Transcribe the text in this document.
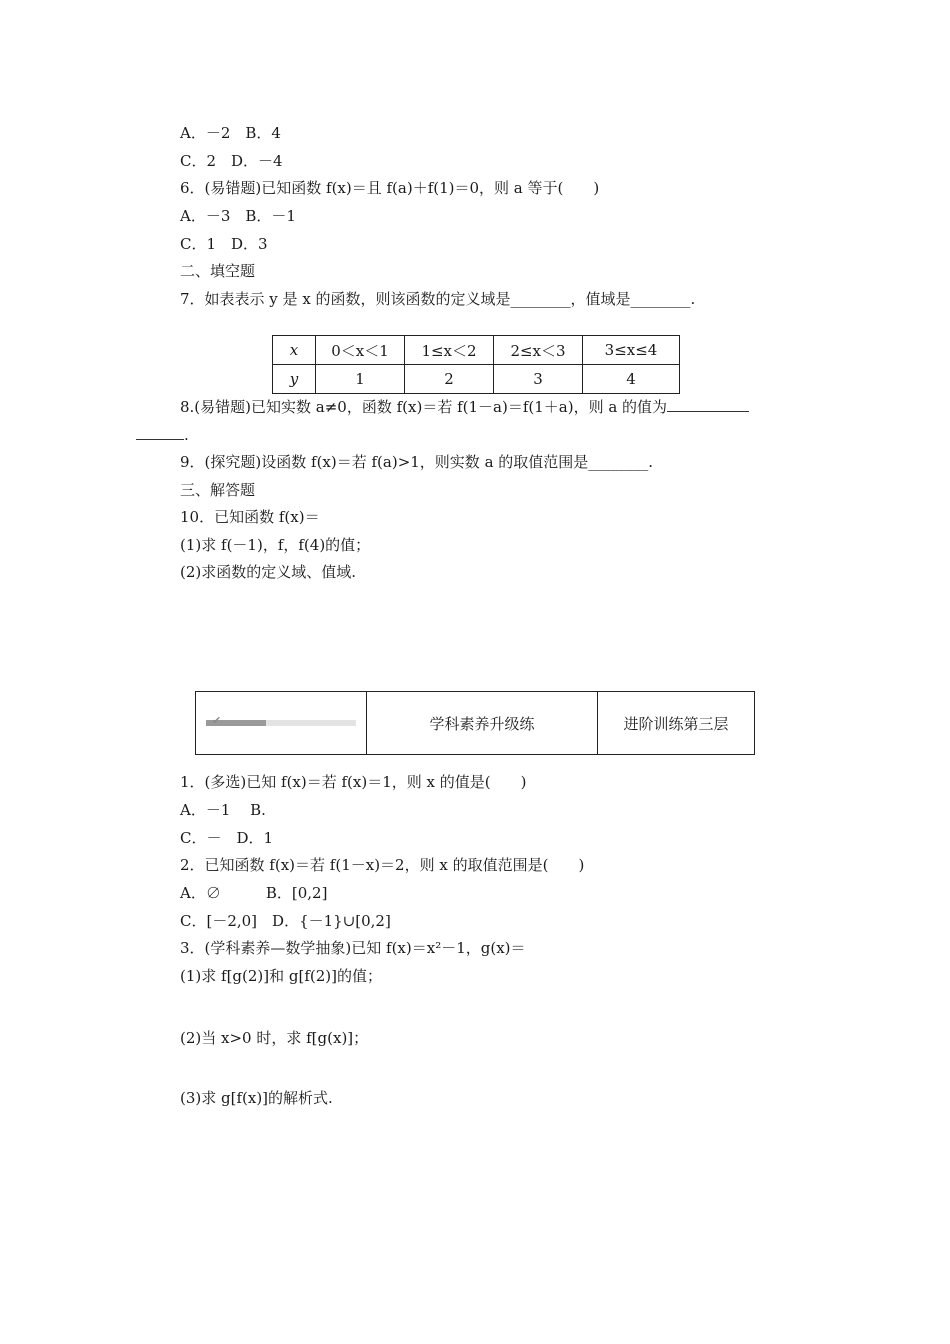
A．－2　B．4
C．2　D．－4
6．(易错题)已知函数 f(x)＝且 f(a)＋f(1)＝0，则 a 等于(　　)
A．－3　B．－1
C．1　D．3
二、填空题
7．如表表示 y 是 x 的函数，则该函数的定义域是________，值域是________.
x	0＜x＜1	1≤x＜2	2≤x＜3	3≤x≤4
y	1	2	3	4
8.(易错题)已知实数 a≠0，函数 f(x)＝若 f(1－a)＝f(1＋a)，则 a 的值为
.
9．(探究题)设函数 f(x)＝若 f(a)>1，则实数 a 的取值范围是________.
三、解答题
10．已知函数 f(x)＝
(1)求 f(－1)，f，f(4)的值；
(2)求函数的定义域、值域.
✔	学科素养升级练	进阶训练第三层
1．(多选)已知 f(x)＝若 f(x)＝1，则 x 的值是(　　)
A．－1　 B.
C．－　D．1
2．已知函数 f(x)＝若 f(1－x)＝2，则 x 的取值范围是(　　)
A．∅　　　B．[0,2]
C．[－2,0]　D．{－1}∪[0,2]
3．(学科素养—数学抽象)已知 f(x)＝x²－1，g(x)＝
(1)求 f[g(2)]和 g[f(2)]的值；
(2)当 x>0 时，求 f[g(x)]；
(3)求 g[f(x)]的解析式.
